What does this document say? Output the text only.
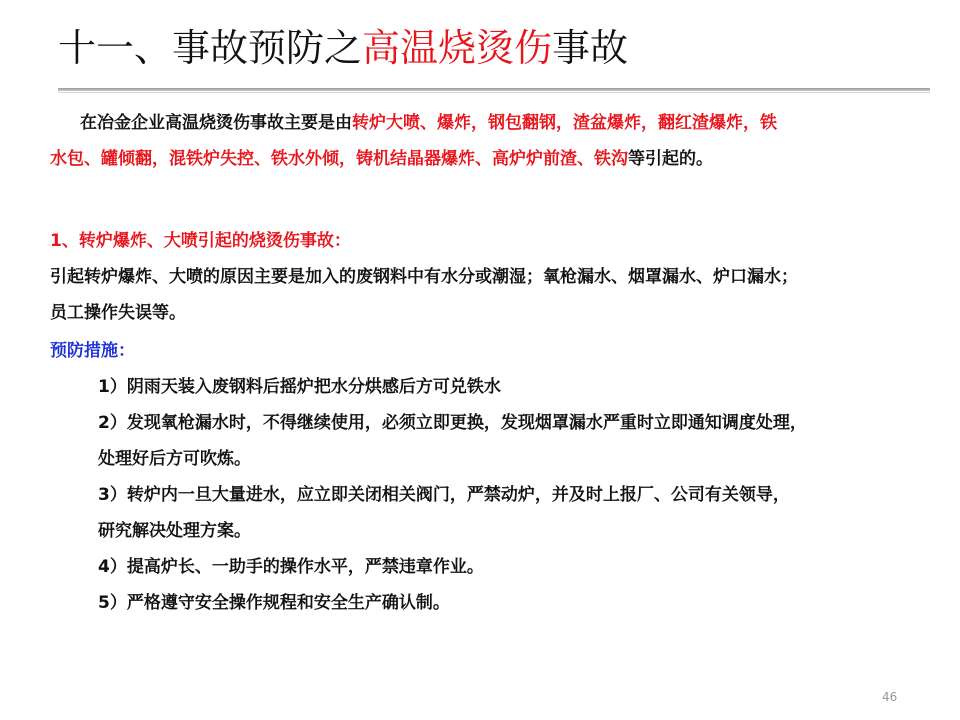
十一、事故预防之高温烧烫伤事故
在冶金企业高温烧烫伤事故主要是由转炉大喷、爆炸，钢包翻钢，渣盆爆炸，翻红渣爆炸，铁
水包、罐倾翻，混铁炉失控、铁水外倾，铸机结晶器爆炸、高炉炉前渣、铁沟等引起的。
1、转炉爆炸、大喷引起的烧烫伤事故：
引起转炉爆炸、大喷的原因主要是加入的废钢料中有水分或潮湿；氧枪漏水、烟罩漏水、炉口漏水；
员工操作失误等。
预防措施：
1）阴雨天装入废钢料后摇炉把水分烘感后方可兑铁水
2）发现氧枪漏水时，不得继续使用，必须立即更换，发现烟罩漏水严重时立即通知调度处理，
处理好后方可吹炼。
3）转炉内一旦大量进水，应立即关闭相关阀门，严禁动炉，并及时上报厂、公司有关领导，
研究解决处理方案。
4）提高炉长、一助手的操作水平，严禁违章作业。
5）严格遵守安全操作规程和安全生产确认制。
46
